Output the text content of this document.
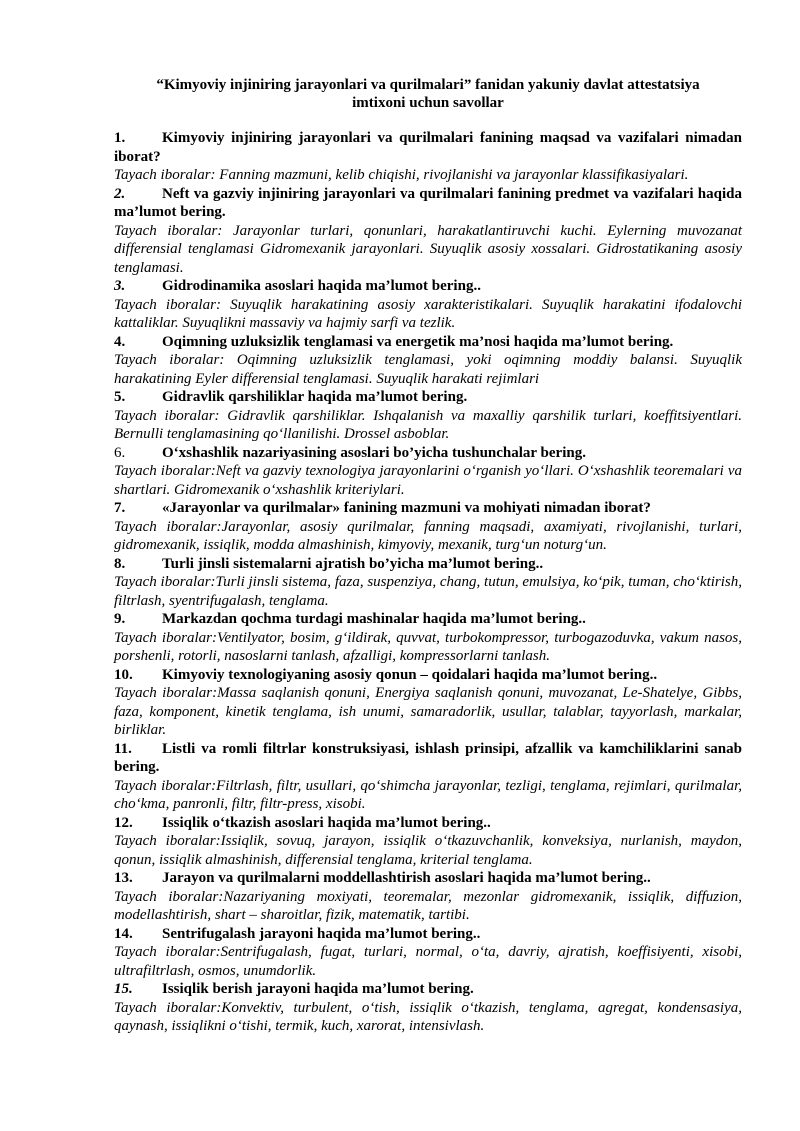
“Kimyoviy injiniring jarayonlari va qurilmalari” fanidan yakuniy davlat attestatsiya
imtixoni uchun savollar

1. Kimyoviy injiniring jarayonlari va qurilmalari fanining maqsad va vazifalari nimadan iborat?

Tayach iboralar: Fanning mazmuni, kelib chiqishi, rivojlanishi va jarayonlar klassifikasiyalari.

2. Neft va gazviy injiniring jarayonlari va qurilmalari fanining predmet va vazifalari haqida ma’lumot bering.

Tayach iboralar: Jarayonlar turlari, qonunlari, harakatlantiruvchi kuchi. Eylerning muvozanat differensial tenglamasi Gidromexanik jarayonlari. Suyuqlik asosiy xossalari. Gidrostatikaning asosiy tenglamasi.

3. Gidrodinamika asoslari haqida ma’lumot bering..

Tayach iboralar: Suyuqlik harakatining asosiy xarakteristikalari. Suyuqlik harakatini ifodalovchi kattaliklar. Suyuqlikni massaviy va hajmiy sarfi va tezlik.

4. Oqimning uzluksizlik tenglamasi va energetik ma’nosi haqida ma’lumot bering.

Tayach iboralar: Oqimning uzluksizlik tenglamasi, yoki oqimning moddiy balansi. Suyuqlik harakatining Eyler differensial tenglamasi. Suyuqlik harakati rejimlari

5. Gidravlik qarshiliklar haqida ma’lumot bering.

Tayach iboralar: Gidravlik qarshiliklar. Ishqalanish va maxalliy qarshilik turlari, koeffitsiyentlari. Bernulli tenglamasining qo‘llanilishi. Drossel asboblar.

6. O‘xshashlik nazariyasining asoslari bo’yicha tushunchalar bering.

Tayach iboralar:Neft va gazviy texnologiya jarayonlarini o‘rganish yo‘llari. O‘xshashlik teoremalari va shartlari. Gidromexanik o‘xshashlik kriteriylari.

7. «Jarayonlar va qurilmalar» fanining mazmuni va mohiyati nimadan iborat?

Tayach iboralar:Jarayonlar, asosiy qurilmalar, fanning maqsadi, axamiyati, rivojlanishi, turlari, gidromexanik, issiqlik, modda almashinish, kimyoviy, mexanik, turg‘un noturg‘un.

8. Turli jinsli sistemalarni ajratish bo’yicha ma’lumot bering..

Tayach iboralar:Turli jinsli sistema, faza, suspenziya, chang, tutun, emulsiya, ko‘pik, tuman, cho‘ktirish, filtrlash, syentrifugalash, tenglama.

9. Markazdan qochma turdagi mashinalar haqida ma’lumot bering..

Tayach iboralar:Ventilyator, bosim, g‘ildirak, quvvat, turbokompressor, turbogazoduvka, vakum nasos, porshenli, rotorli, nasoslarni tanlash, afzalligi, kompressorlarni tanlash.

10. Kimyoviy texnologiyaning asosiy qonun – qoidalari haqida ma’lumot bering..

Tayach iboralar:Massa saqlanish qonuni, Energiya saqlanish qonuni, muvozanat, Le-Shatelye, Gibbs, faza, komponent, kinetik tenglama, ish unumi, samaradorlik, usullar, talablar, tayyorlash, markalar, birliklar.

11. Listli va romli filtrlar konstruksiyasi, ishlash prinsipi, afzallik va kamchiliklarini sanab bering.

Tayach iboralar:Filtrlash, filtr, usullari, qo‘shimcha jarayonlar, tezligi, tenglama, rejimlari, qurilmalar, cho‘kma, panronli, filtr, filtr-press, xisobi.

12. Issiqlik o‘tkazish asoslari haqida ma’lumot bering..

Tayach iboralar:Issiqlik, sovuq, jarayon, issiqlik o‘tkazuvchanlik, konveksiya, nurlanish, maydon, qonun, issiqlik almashinish, differensial tenglama, kriterial tenglama.

13. Jarayon va qurilmalarni moddellashtirish asoslari haqida ma’lumot bering..

Tayach iboralar:Nazariyaning moxiyati, teoremalar, mezonlar gidromexanik, issiqlik, diffuzion, modellashtirish, shart – sharoitlar, fizik, matematik, tartibi.

14. Sentrifugalash jarayoni haqida ma’lumot bering..

Tayach iboralar:Sentrifugalash, fugat, turlari, normal, o‘ta, davriy, ajratish, koeffisiyenti, xisobi, ultrafiltrlash, osmos, unumdorlik.

15. Issiqlik berish jarayoni haqida ma’lumot bering.

Tayach iboralar:Konvektiv, turbulent, o‘tish, issiqlik o‘tkazish, tenglama, agregat, kondensasiya, qaynash, issiqlikni o‘tishi, termik, kuch, xarorat, intensivlash.
